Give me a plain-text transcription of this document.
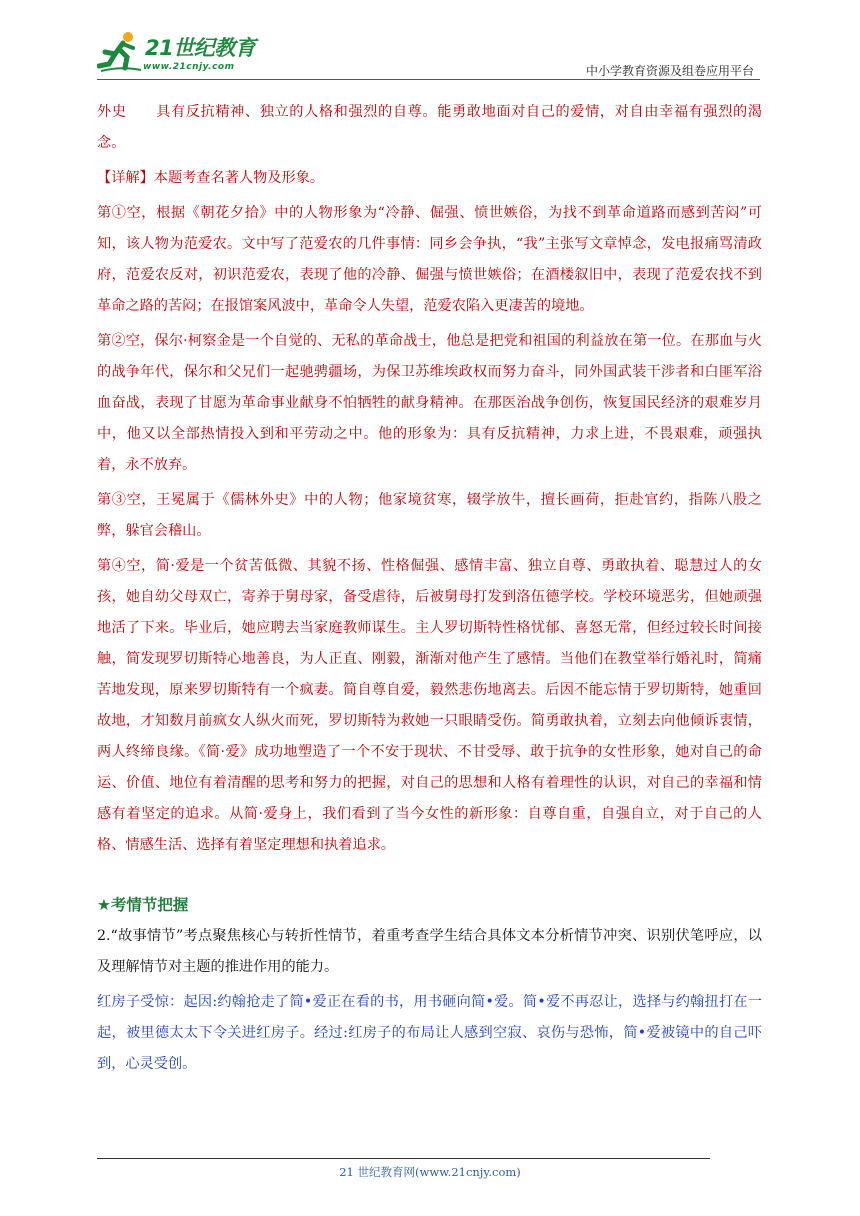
21世纪教育
www.21cnjy.com	中小学教育资源及组卷应用平台

外史　　具有反抗精神、独立的人格和强烈的自尊。能勇敢地面对自己的爱情，对自由幸福有强烈的渴念。

【详解】本题考查名著人物及形象。

第①空，根据《朝花夕拾》中的人物形象为“冷静、倔强、愤世嫉俗，为找不到革命道路而感到苦闷”可知，该人物为范爱农。文中写了范爱农的几件事情：同乡会争执，“我”主张写文章悼念，发电报痛骂清政府，范爱农反对，初识范爱农，表现了他的冷静、倔强与愤世嫉俗；在酒楼叙旧中，表现了范爱农找不到革命之路的苦闷；在报馆案风波中，革命令人失望，范爱农陷入更凄苦的境地。

第②空，保尔·柯察金是一个自觉的、无私的革命战士，他总是把党和祖国的利益放在第一位。在那血与火的战争年代，保尔和父兄们一起驰骋疆场，为保卫苏维埃政权而努力奋斗，同外国武装干涉者和白匪军浴血奋战，表现了甘愿为革命事业献身不怕牺牲的献身精神。在那医治战争创伤，恢复国民经济的艰难岁月中，他又以全部热情投入到和平劳动之中。他的形象为：具有反抗精神，力求上进，不畏艰难，顽强执着，永不放弃。

第③空，王冕属于《儒林外史》中的人物；他家境贫寒，辍学放牛，擅长画荷，拒赴官约，指陈八股之弊，躲官会稽山。

第④空，简·爱是一个贫苦低微、其貌不扬、性格倔强、感情丰富、独立自尊、勇敢执着、聪慧过人的女孩，她自幼父母双亡，寄养于舅母家，备受虐待，后被舅母打发到洛伍德学校。学校环境恶劣，但她顽强地活了下来。毕业后，她应聘去当家庭教师谋生。主人罗切斯特性格忧郁、喜怒无常，但经过较长时间接触，简发现罗切斯特心地善良，为人正直、刚毅，渐渐对他产生了感情。当他们在教堂举行婚礼时，简痛苦地发现，原来罗切斯特有一个疯妻。简自尊自爱，毅然悲伤地离去。后因不能忘情于罗切斯特，她重回故地，才知数月前疯女人纵火而死，罗切斯特为救她一只眼睛受伤。简勇敢执着，立刻去向他倾诉衷情，两人终缔良缘。《简·爱》成功地塑造了一个不安于现状、不甘受辱、敢于抗争的女性形象，她对自己的命运、价值、地位有着清醒的思考和努力的把握，对自己的思想和人格有着理性的认识，对自己的幸福和情感有着坚定的追求。从简·爱身上，我们看到了当今女性的新形象：自尊自重，自强自立，对于自己的人格、情感生活、选择有着坚定理想和执着追求。

★考情节把握

2.“故事情节”考点聚焦核心与转折性情节，着重考查学生结合具体文本分析情节冲突、识别伏笔呼应，以及理解情节对主题的推进作用的能力。

红房子受惊：起因:约翰抢走了简•爱正在看的书，用书砸向简•爱。简•爱不再忍让，选择与约翰扭打在一起，被里德太太下令关进红房子。经过:红房子的布局让人感到空寂、哀伤与恐怖，简•爱被镜中的自己吓到，心灵受创。

21 世纪教育网(www.21cnjy.com)
